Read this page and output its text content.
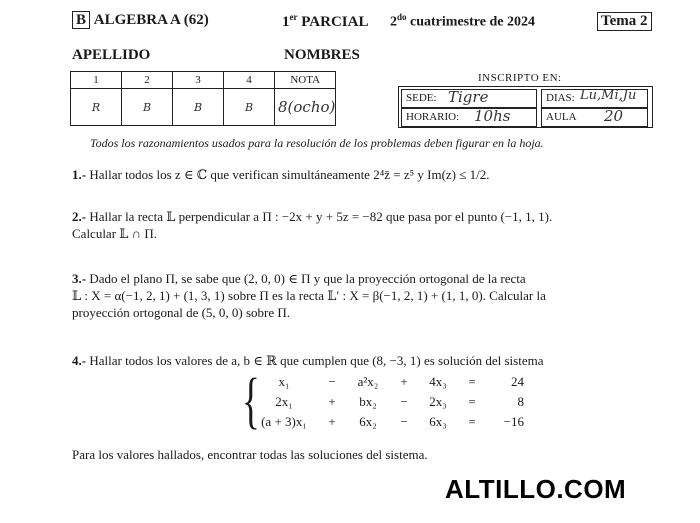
B ALGEBRA A (62)	1er PARCIAL $2^{do}$ cuatrimestre de 2024	Tema 2
APELLIDO	NOMBRES
1	2	3	4	NOTA
R	B	B	B	8(ocho)
INSCRIPTO EN:
SEDE: Tigre	DIAS: Lu,Mi,Ju
HORARIO: 10hs	AULA 20
Todos los razonamientos usados para la resolución de los problemas deben figurar en la hoja.
1.- Hallar todos los z ∈ ℂ que verifican simultáneamente 2⁴z̄ = z⁵ y Im(z) ≤ 1/2.
2.- Hallar la recta 𝕃 perpendicular a Π : −2x + y + 5z = −82 que pasa por el punto (−1, 1, 1).
Calcular 𝕃 ∩ Π.
3.- Dado el plano Π, se sabe que (2, 0, 0) ∈ Π y que la proyección ortogonal de la recta
𝕃 : X = α(−1, 2, 1) + (1, 3, 1) sobre Π es la recta 𝕃′ : X = β(−1, 2, 1) + (1, 1, 0). Calcular la
proyección ortogonal de (5, 0, 0) sobre Π.
4.- Hallar todos los valores de a, b ∈ ℝ que cumplen que (8, −3, 1) es solución del sistema
{ x₁	−	a²x₂	+	4x₃	=	24
2x₁	+	bx₂	−	2x₃	=	8
(a + 3)x₁	+	6x₂	−	6x₃	=	−16
Para los valores hallados, encontrar todas las soluciones del sistema.
ALTILLO.COM
